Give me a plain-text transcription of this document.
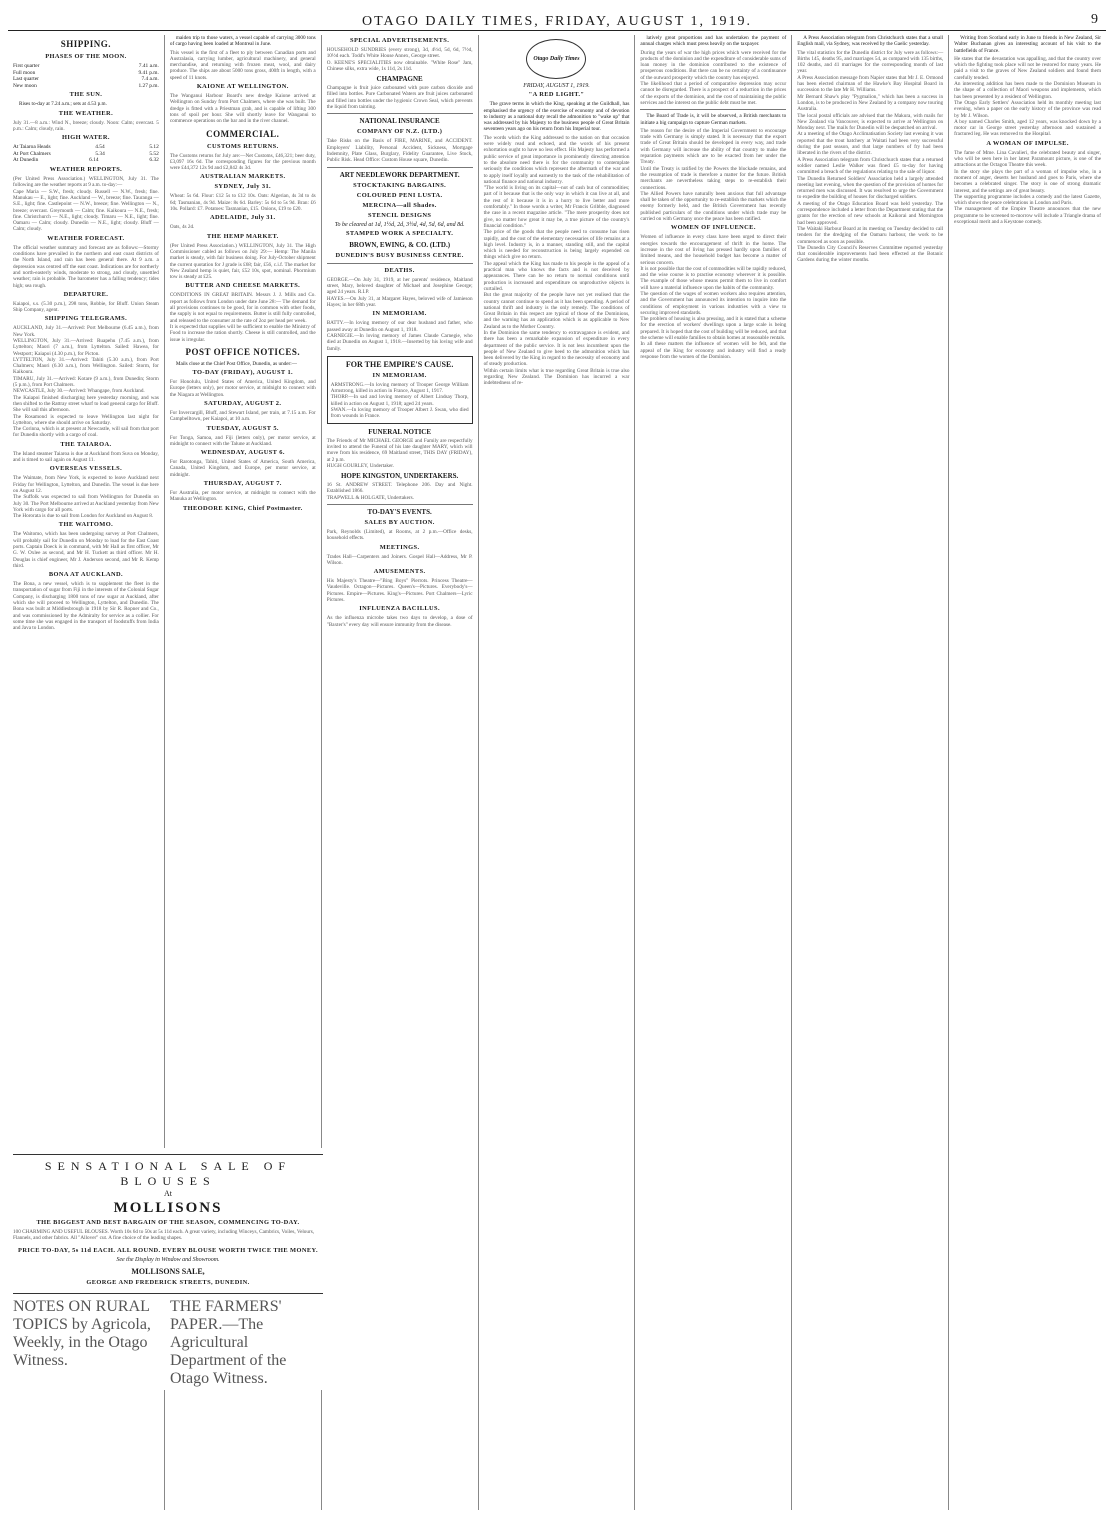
OTAGO DAILY TIMES, FRIDAY, AUGUST 1, 1919.	9
SHIPPING.
PHASES OF THE MOON.
First quarter	7.41 a.m.
Full moon	9.41 p.m.
Last quarter	7.4 a.m.
New moon	1.27 p.m.
THE SUN.
Rises to-day at 7.24 a.m.; sets at 4.53 p.m.
THE WEATHER.
July 31.—8 a.m.: Wind N., breeze; cloudy. Noon: Calm; overcast. 5 p.m.: Calm; cloudy, rain.
HIGH WATER.
At Taiaroa Heads	4.54	5.12
At Port Chalmers	5.34	5.52
At Dunedin	6.14	6.32
WEATHER REPORTS.
(Per United Press Association.) WELLINGTON, July 31. The following are the weather reports at 9 a.m. to-day:—
Cape Maria — S.W., fresh; cloudy. Russell — N.W., fresh; fine. Manukau — E., light; fine. Auckland — W., breeze; fine. Tauranga — S.E., light; fine. Castlepoint — N.W., breeze; fine. Wellington — N., breeze; overcast. Greymouth — Calm; fine. Kaikoura — N.E., fresh; fine. Christchurch — N.E., light; cloudy. Timaru — N.E., light; fine. Oamaru — Calm; cloudy. Dunedin — N.E., light; cloudy. Bluff — Calm; cloudy.
WEATHER FORECAST.
The official weather summary and forecast are as follows:—Stormy conditions have prevailed in the northern and east coast districts of the North Island, and rain has been general there. At 9 a.m. a depression was centred off the east coast. Indications are for northerly and north-easterly winds, moderate to strong, and cloudy, unsettled weather; rain is probable. The barometer has a falling tendency; tides high; sea rough.
DEPARTURE.
Kaiapoi, s.s. (5.30 p.m.), 298 tons, Robbie, for Bluff. Union Steam Ship Company, agent.
SHIPPING TELEGRAMS.
AUCKLAND, July 31.—Arrived: Port Melbourne (6.45 a.m.), from New York.
WELLINGTON, July 31.—Arrived: Ruapehu (7.45 a.m.), from Lyttelton; Maori (7 a.m.), from Lyttelton. Sailed: Hawea, for Westport; Kaiapoi (4.30 p.m.), for Picton.
LYTTELTON, July 31.—Arrived: Tahiti (5.30 a.m.), from Port Chalmers; Maori (6.30 a.m.), from Wellington. Sailed: Storm, for Kaikoura.
TIMARU, July 31.—Arrived: Kotare (9 a.m.), from Dunedin; Storm (5 p.m.), from Port Chalmers.
NEWCASTLE, July 30.—Arrived: Whangape, from Auckland.
The Kaiapoi finished discharging here yesterday morning, and was then shifted to the Rattray street wharf to load general cargo for Bluff. She will sail this afternoon.
The Rosamond is expected to leave Wellington last night for Lyttelton, where she should arrive on Saturday.
The Corinna, which is at present at Newcastle, will sail from that port for Dunedin shortly with a cargo of coal.
THE TAIAROA.
The Island steamer Taiaroa is due at Auckland from Suva on Monday, and is timed to sail again on August 11.
OVERSEAS VESSELS.
The Waimate, from New York, is expected to leave Auckland next Friday for Wellington, Lyttelton, and Dunedin. The vessel is due here on August 12.
The Suffolk was expected to sail from Wellington for Dunedin on July 30. The Port Melbourne arrived at Auckland yesterday from New York with cargo for all ports.
The Hororata is due to sail from London for Auckland on August 8.
THE WAITOMO.
The Waitomo, which has been undergoing survey at Port Chalmers, will probably sail for Dunedin on Monday to load for the East Coast ports. Captain Doeck is in command, with Mr Hall as first officer, Mr G. W. Oxlee as second, and Mr H. Tuckett as third officer. Mr H. Douglas is chief engineer, Mr J. Anderson second, and Mr R. Kemp third.
BONA AT AUCKLAND.
The Bona, a new vessel, which is to supplement the fleet in the transportation of sugar from Fiji in the interests of the Colonial Sugar Company, is discharging 1800 tons of raw sugar at Auckland, after which she will proceed to Wellington, Lyttelton, and Dunedin. The Bona was built at Middlesbrough in 1918 by Sir R. Ropner and Co., and was commissioned by the Admiralty for service as a collier. For some time she was engaged in the transport of foodstuffs from India and Java to London.
maiden trip to those waters, a vessel capable of carrying 3000 tons of cargo having been loaded at Montreal in June.
This vessel is the first of a fleet to ply between Canadian ports and Australasia, carrying lumber, agricultural machinery, and general merchandise, and returning with frozen meat, wool, and dairy produce. The ships are about 5000 tons gross, 400ft in length, with a speed of 11 knots.
KAIONE AT WELLINGTON.
The Wanganui Harbour Board's new dredge Kaione arrived at Wellington on Sunday from Port Chalmers, where she was built. The dredge is fitted with a Priestman grab, and is capable of lifting 300 tons of spoil per hour. She will shortly leave for Wanganui to commence operations on the bar and in the river channel.
COMMERCIAL.
CUSTOMS RETURNS.
The Customs returns for July are:—Net Customs, £46,321; beer duty, £3,097 16s 6d. The corresponding figures for the previous month were £44,372 12s 9d and £2,842 4s 3d.
AUSTRALIAN MARKETS.
SYDNEY, July 31.
Wheat: 5s 6d. Flour: £12 5s to £12 10s. Oats: Algerian, 4s 3d to 4s 6d; Tasmanian, 4s 9d. Maize: 8s 6d. Barley: 5s 6d to 5s 9d. Bran: £6 10s. Pollard: £7. Potatoes: Tasmanian, £15. Onions, £19 to £20.
ADELAIDE, July 31.
Oats, 4s 2d.
THE HEMP MARKET.
(Per United Press Association.) WELLINGTON, July 31. The High Commissioner cabled as follows on July 29:— Hemp: The Manila market is steady, with fair business doing. For July-October shipment the current quotation for J grade is £68; fair, £56, c.i.f. The market for New Zealand hemp is quiet, fair, £52 10s, spot, nominal. Phormium tow is steady at £25.
BUTTER AND CHEESE MARKETS.
CONDITIONS IN GREAT BRITAIN. Messrs J. J. Mills and Co. report as follows from London under date June 28:— The demand for all provisions continues to be good, for in common with other foods, the supply is not equal to requirements. Butter is still fully controlled, and released to the consumer at the rate of 2oz per head per week.
It is expected that supplies will be sufficient to enable the Ministry of Food to increase the ration shortly. Cheese is still controlled, and the issue is irregular.
POST OFFICE NOTICES.
Mails close at the Chief Post Office, Dunedin, as under:—
TO-DAY (FRIDAY), AUGUST 1.
For Honolulu, United States of America, United Kingdom, and Europe (letters only), per motor service, at midnight to connect with the Niagara at Wellington.
SATURDAY, AUGUST 2.
For Invercargill, Bluff, and Stewart Island, per train, at 7.15 a.m. For Campbelltown, per Kaiapoi, at 10 a.m.
TUESDAY, AUGUST 5.
For Tonga, Samoa, and Fiji (letters only), per motor service, at midnight to connect with the Talune at Auckland.
WEDNESDAY, AUGUST 6.
For Rarotonga, Tahiti, United States of America, South America, Canada, United Kingdom, and Europe, per motor service, at midnight.
THURSDAY, AUGUST 7.
For Australia, per motor service, at midnight to connect with the Manuka at Wellington.
THEODORE KING, Chief Postmaster.
SPECIAL ADVERTISEMENTS.
HOUSEHOLD SUNDRIES (every strong), 3d, 4½d, 5d, 6d, 7½d, 10½d each. Todd's White House Annex, George street.
O. KEENE'S SPECIALITIES now obtainable. "White Rose" Jam, Chinese silks, extra wide, 1s 11d, 2s 11d.
CHAMPAGNE
Champagne is fruit juice carbonated with pure carbon dioxide and filled into bottles. Pure Carbonated Waters are fruit juices carbonated and filled into bottles under the hygienic Crown Seal, which prevents the liquid from tainting.
NATIONAL INSURANCE
COMPANY OF N.Z. (LTD.)
Take Risks on the Basis of FIRE, MARINE, and ACCIDENT. Employers' Liability, Personal Accident, Sickness, Mortgage Indemnity, Plate Glass, Burglary, Fidelity Guarantee, Live Stock, Public Risk. Head Office: Custom House square, Dunedin.
ART NEEDLEWORK DEPARTMENT.
STOCKTAKING BARGAINS.
COLOURED PENI LUSTA.
MERCINA—all Shades.
STENCIL DESIGNS
To be cleared at 1d, 1½d, 2d, 3½d, 4d, 5d, 6d, and 8d.
STAMPED WORK A SPECIALTY.
BROWN, EWING, & CO. (LTD.)
DUNEDIN'S BUSY BUSINESS CENTRE.
DEATHS.
GEORGE.—On July 31, 1919, at her parents' residence, Maitland street, Mary, beloved daughter of Michael and Josephine George; aged 24 years. R.I.P.
HAYES.—On July 31, at Margaret Hayes, beloved wife of Jamieson Hayes; in her 68th year.
IN MEMORIAM.
BATTY.—In loving memory of our dear husband and father, who passed away at Dunedin on August 1, 1918.
CARNEGIE.—In loving memory of James Claude Carnegie, who died at Dunedin on August 1, 1918.—Inserted by his loving wife and family.
FOR THE EMPIRE'S CAUSE.
IN MEMORIAM.
ARMSTRONG.—In loving memory of Trooper George William Armstrong, killed in action in France, August 1, 1917.
THORP.—In sad and loving memory of Albert Lindsay Thorp, killed in action on August 1, 1918; aged 24 years.
SWAN.—In loving memory of Trooper Albert J. Swan, who died from wounds in France.
FUNERAL NOTICE
The Friends of Mr MICHAEL GEORGE and Family are respectfully invited to attend the Funeral of his late daughter MARY, which will move from his residence, 69 Maitland street, THIS DAY (FRIDAY), at 2 p.m.
HUGH GOURLEY, Undertaker.
HOPE KINGSTON, UNDERTAKERS.
16 St. ANDREW STREET. Telephone 206. Day and Night. Established 1866.
TRAPWELL & HOLGATE, Undertakers.
TO-DAY'S EVENTS.
SALES BY AUCTION.
Park, Reynolds (Limited), at Rooms, at 2 p.m.—Office desks, household effects.
MEETINGS.
Trades Hall—Carpenters and Joiners. Gospel Hall—Address, Mr P. Wilson.
AMUSEMENTS.
His Majesty's Theatre—"Bing Boys" Pierrots. Princess Theatre—Vaudeville. Octagon—Pictures. Queen's—Pictures. Everybody's—Pictures. Empire—Pictures. King's—Pictures. Port Chalmers—Lyric Pictures.
INFLUENZA BACILLUS.
As the influenza microbe takes two days to develop, a dose of "Baxter's" every day will ensure immunity from the disease.
Otago Daily Times
FRIDAY, AUGUST 1, 1919.
"A RED LIGHT."
The grave terms in which the King, speaking at the Guildhall, has emphasised the urgency of the exercise of economy and of devotion to industry as a national duty recall the admonition to "wake up" that was addressed by his Majesty to the business people of Great Britain seventeen years ago on his return from his Imperial tour.
The words which the King addressed to the nation on that occasion were widely read and echoed, and the words of his present exhortation ought to have no less effect. His Majesty has performed a public service of great importance in prominently directing attention to the absolute need there is for the community to contemplate seriously the conditions which represent the aftermath of the war and to apply itself loyally and earnestly to the task of the rehabilitation of national finance and national industry.
"The world is living on its capital—not of cash but of commodities; part of it because that is the only way in which it can live at all, and the rest of it because it is in a hurry to live better and more comfortably." In those words a writer, Mr Francis Gribble, diagnosed the case in a recent magazine article. "The mere prosperity does not give, no matter how great it may be, a true picture of the country's financial condition."
The price of the goods that the people need to consume has risen rapidly, and the cost of the elementary necessaries of life remains at a high level. Industry is, in a manner, standing still, and the capital which is needed for reconstruction is being largely expended on things which give no return.
The appeal which the King has made to his people is the appeal of a practical man who knows the facts and is not deceived by appearances. There can be no return to normal conditions until production is increased and expenditure on unproductive objects is curtailed.
But the great majority of the people have not yet realised that the country cannot continue to spend as it has been spending. A period of national thrift and industry is the only remedy. The conditions of Great Britain in this respect are typical of those of the Dominions, and the warning has an application which is as applicable to New Zealand as to the Mother Country.
In the Dominion the same tendency to extravagance is evident, and there has been a remarkable expansion of expenditure in every department of the public service. It is not less incumbent upon the people of New Zealand to give heed to the admonition which has been delivered by the King in regard to the necessity of economy and of steady production.
Within certain limits what is true regarding Great Britain is true also regarding New Zealand. The Dominion has incurred a war indebtedness of re-
latively great proportions and has undertaken the payment of annual charges which must press heavily on the taxpayer.
During the years of war the high prices which were received for the products of the dominion and the expenditure of considerable sums of loan money in the dominion contributed to the existence of prosperous conditions. But there can be no certainty of a continuance of the outward prosperity which the country has enjoyed.
The likelihood that a period of comparative depression may occur cannot be disregarded. There is a prospect of a reduction in the prices of the exports of the dominion, and the cost of maintaining the public services and the interest on the public debt must be met.
The Board of Trade is, it will be observed, a British merchants to initiate a big campaign to capture German markets.
The reason for the desire of the Imperial Government to encourage trade with Germany is simply stated. It is necessary that the export trade of Great Britain should be developed in every way, and trade with Germany will increase the ability of that country to make the reparation payments which are to be exacted from her under the Treaty.
Until the Treaty is ratified by the Powers the blockade remains, and the resumption of trade is therefore a matter for the future. British merchants are nevertheless taking steps to re-establish their connections.
The Allied Powers have naturally been anxious that full advantage shall be taken of the opportunity to re-establish the markets which the enemy formerly held, and the British Government has recently published particulars of the conditions under which trade may be carried on with Germany once the peace has been ratified.
WOMEN OF INFLUENCE.
Women of influence in every class have been urged to direct their energies towards the encouragement of thrift in the home. The increase in the cost of living has pressed hardly upon families of limited means, and the household budget has become a matter of serious concern.
It is not possible that the cost of commodities will be rapidly reduced, and the wise course is to practise economy wherever it is possible. The example of those whose means permit them to live in comfort will have a material influence upon the habits of the community.
The question of the wages of women workers also requires attention, and the Government has announced its intention to inquire into the conditions of employment in various industries with a view to securing improved standards.
The problem of housing is also pressing, and it is stated that a scheme for the erection of workers' dwellings upon a large scale is being prepared. It is hoped that the cost of building will be reduced, and that the scheme will enable families to obtain homes at reasonable rentals.
In all these matters the influence of women will be felt, and the appeal of the King for economy and industry will find a ready response from the women of the Dominion.
A Press Association telegram from Christchurch states that a small English mail, via Sydney, was received by the Gaelic yesterday.
The vital statistics for the Dunedin district for July were as follows:—Births 145, deaths 95, and marriages 54, as compared with 135 births, 102 deaths, and 41 marriages for the corresponding month of last year.
A Press Association message from Napier states that Mr J. E. Ormond has been elected chairman of the Hawke's Bay Hospital Board in succession to the late Mr H. Williams.
Mr Bernard Shaw's play "Pygmalion," which has been a success in London, is to be produced in New Zealand by a company now touring Australia.
The local postal officials are advised that the Makura, with mails for New Zealand via Vancouver, is expected to arrive at Wellington on Monday next. The mails for Dunedin will be despatched on arrival.
At a meeting of the Otago Acclimatisation Society last evening it was reported that the trout hatchery at Waitati had been very successful during the past season, and that large numbers of fry had been liberated in the rivers of the district.
A Press Association telegram from Christchurch states that a returned soldier named Leslie Walker was fined £5 to-day for having committed a breach of the regulations relating to the sale of liquor.
The Dunedin Returned Soldiers' Association held a largely attended meeting last evening, when the question of the provision of homes for returned men was discussed. It was resolved to urge the Government to expedite the building of houses for discharged soldiers.
A meeting of the Otago Education Board was held yesterday. The correspondence included a letter from the Department stating that the grants for the erection of new schools at Kaikorai and Mornington had been approved.
The Waitaki Harbour Board at its meeting on Tuesday decided to call tenders for the dredging of the Oamaru harbour, the work to be commenced as soon as possible.
The Dunedin City Council's Reserves Committee reported yesterday that considerable improvements had been effected at the Botanic Gardens during the winter months.
Writing from Scotland early in June to friends in New Zealand, Sir Walter Buchanan gives an interesting account of his visit to the battlefields of France.
He states that the devastation was appalling, and that the country over which the fighting took place will not be restored for many years. He paid a visit to the graves of New Zealand soldiers and found them carefully tended.
An interesting addition has been made to the Dominion Museum in the shape of a collection of Maori weapons and implements, which has been presented by a resident of Wellington.
The Otago Early Settlers' Association held its monthly meeting last evening, when a paper on the early history of the province was read by Mr J. Wilson.
A boy named Charles Smith, aged 12 years, was knocked down by a motor car in George street yesterday afternoon and sustained a fractured leg. He was removed to the Hospital.
A WOMAN OF IMPULSE.
The fame of Mme. Lina Cavalieri, the celebrated beauty and singer, who will be seen here in her latest Paramount picture, is one of the attractions at the Octagon Theatre this week.
In the story she plays the part of a woman of impulse who, in a moment of anger, deserts her husband and goes to Paris, where she becomes a celebrated singer. The story is one of strong dramatic interest, and the settings are of great beauty.
The supporting programme includes a comedy and the latest Gazette, which shows the peace celebrations in London and Paris.
The management of the Empire Theatre announces that the new programme to be screened to-morrow will include a Triangle drama of exceptional merit and a Keystone comedy.
SENSATIONAL SALE OF BLOUSES
At
MOLLISONS
THE BIGGEST AND BEST BARGAIN OF THE SEASON, COMMENCING TO-DAY.
100 CHARMING AND USEFUL BLOUSES. Worth 10s 6d to 50s at 5s 11d each. A great variety, including Winceys, Cambrics, Voiles, Velours, Flannels, and other fabrics. All "Allover" cut. A fine choice of the leading shapes.
PRICE TO-DAY, 5s 11d EACH. ALL ROUND. EVERY BLOUSE WORTH TWICE THE MONEY.
See the Display in Window and Showroom.
MOLLISONS SALE,
GEORGE AND FREDERICK STREETS, DUNEDIN.
NOTES ON RURAL TOPICS by Agricola, Weekly, in the Otago Witness.
THE FARMERS' PAPER.—The Agricultural Department of the Otago Witness.
